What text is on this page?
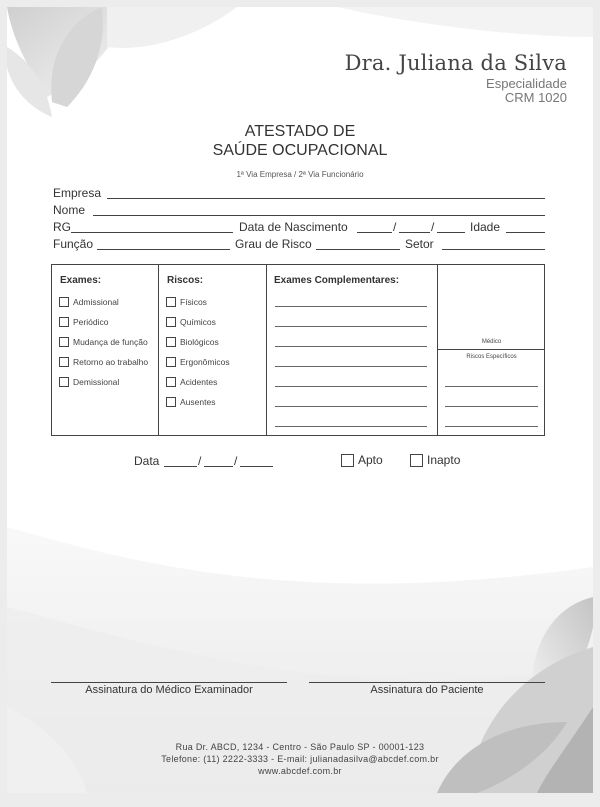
Dra. Juliana da Silva
Especialidade
CRM 1020
ATESTADO DE
SAÚDE OCUPACIONAL
1ª Via Empresa / 2ª Via Funcionário
Empresa
Nome
RG	Data de Nascimento	/	/	Idade
Função	Grau de Risco	Setor
Exames:
Admissional
Periódico
Mudança de função
Retorno ao trabalho
Demissional
Riscos:
Físicos
Químicos
Biológicos
Ergonômicos
Acidentes
Ausentes
Exames Complementares:
Médico
Riscos Específicos
Data	/	/	Apto	Inapto
Assinatura do Médico Examinador	Assinatura do Paciente
Rua Dr. ABCD, 1234 - Centro - São Paulo SP - 00001-123
Telefone: (11) 2222-3333 - E-mail: julianadasilva@abcdef.com.br
www.abcdef.com.br
